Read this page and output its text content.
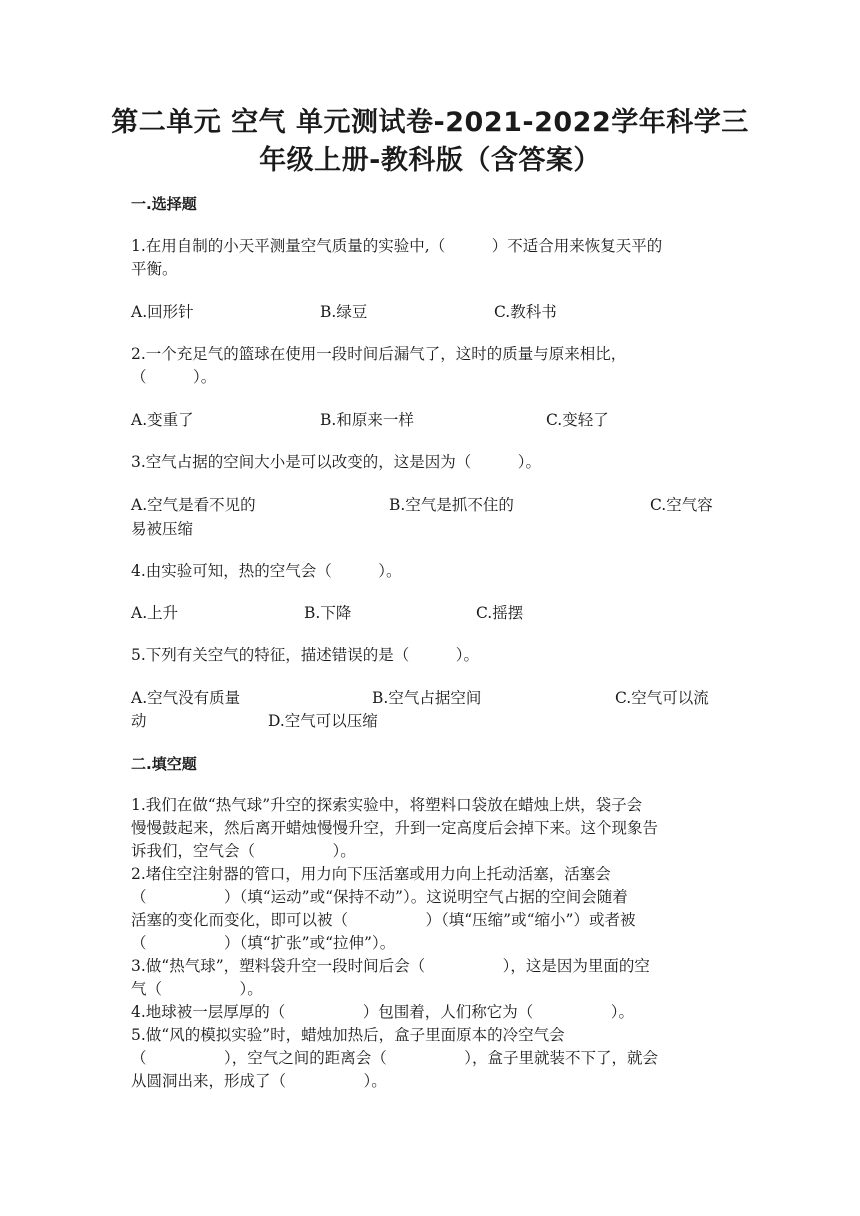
第二单元 空气 单元测试卷-2021-2022学年科学三
年级上册-教科版（含答案）
一.选择题
1.在用自制的小天平测量空气质量的实验中,（　　　）不适合用来恢复天平的
平衡。
A.回形针	B.绿豆	C.教科书
2.一个充足气的篮球在使用一段时间后漏气了，这时的质量与原来相比，
（　　　）。
A.变重了	B.和原来一样	C.变轻了
3.空气占据的空间大小是可以改变的，这是因为（　　　）。
A.空气是看不见的	B.空气是抓不住的	C.空气容
易被压缩
4.由实验可知，热的空气会（　　　）。
A.上升	B.下降	C.摇摆
5.下列有关空气的特征，描述错误的是（　　　）。
A.空气没有质量	B.空气占据空间	C.空气可以流
动	D.空气可以压缩
二.填空题
1.我们在做“热气球”升空的探索实验中，将塑料口袋放在蜡烛上烘，袋子会
慢慢鼓起来，然后离开蜡烛慢慢升空，升到一定高度后会掉下来。这个现象告
诉我们，空气会（　　　　　）。
2.堵住空注射器的管口，用力向下压活塞或用力向上托动活塞，活塞会
（　　　　　）（填“运动”或“保持不动”）。这说明空气占据的空间会随着
活塞的变化而变化，即可以被（　　　　　）（填“压缩”或“缩小”）或者被
（　　　　　）（填“扩张”或“拉伸”）。
3.做“热气球”，塑料袋升空一段时间后会（　　　　　），这是因为里面的空
气（　　　　　）。
4.地球被一层厚厚的（　　　　　）包围着，人们称它为（　　　　　）。
5.做“风的模拟实验”时，蜡烛加热后，盒子里面原本的冷空气会
（　　　　　），空气之间的距离会（　　　　　），盒子里就装不下了，就会
从圆洞出来，形成了（　　　　　）。
